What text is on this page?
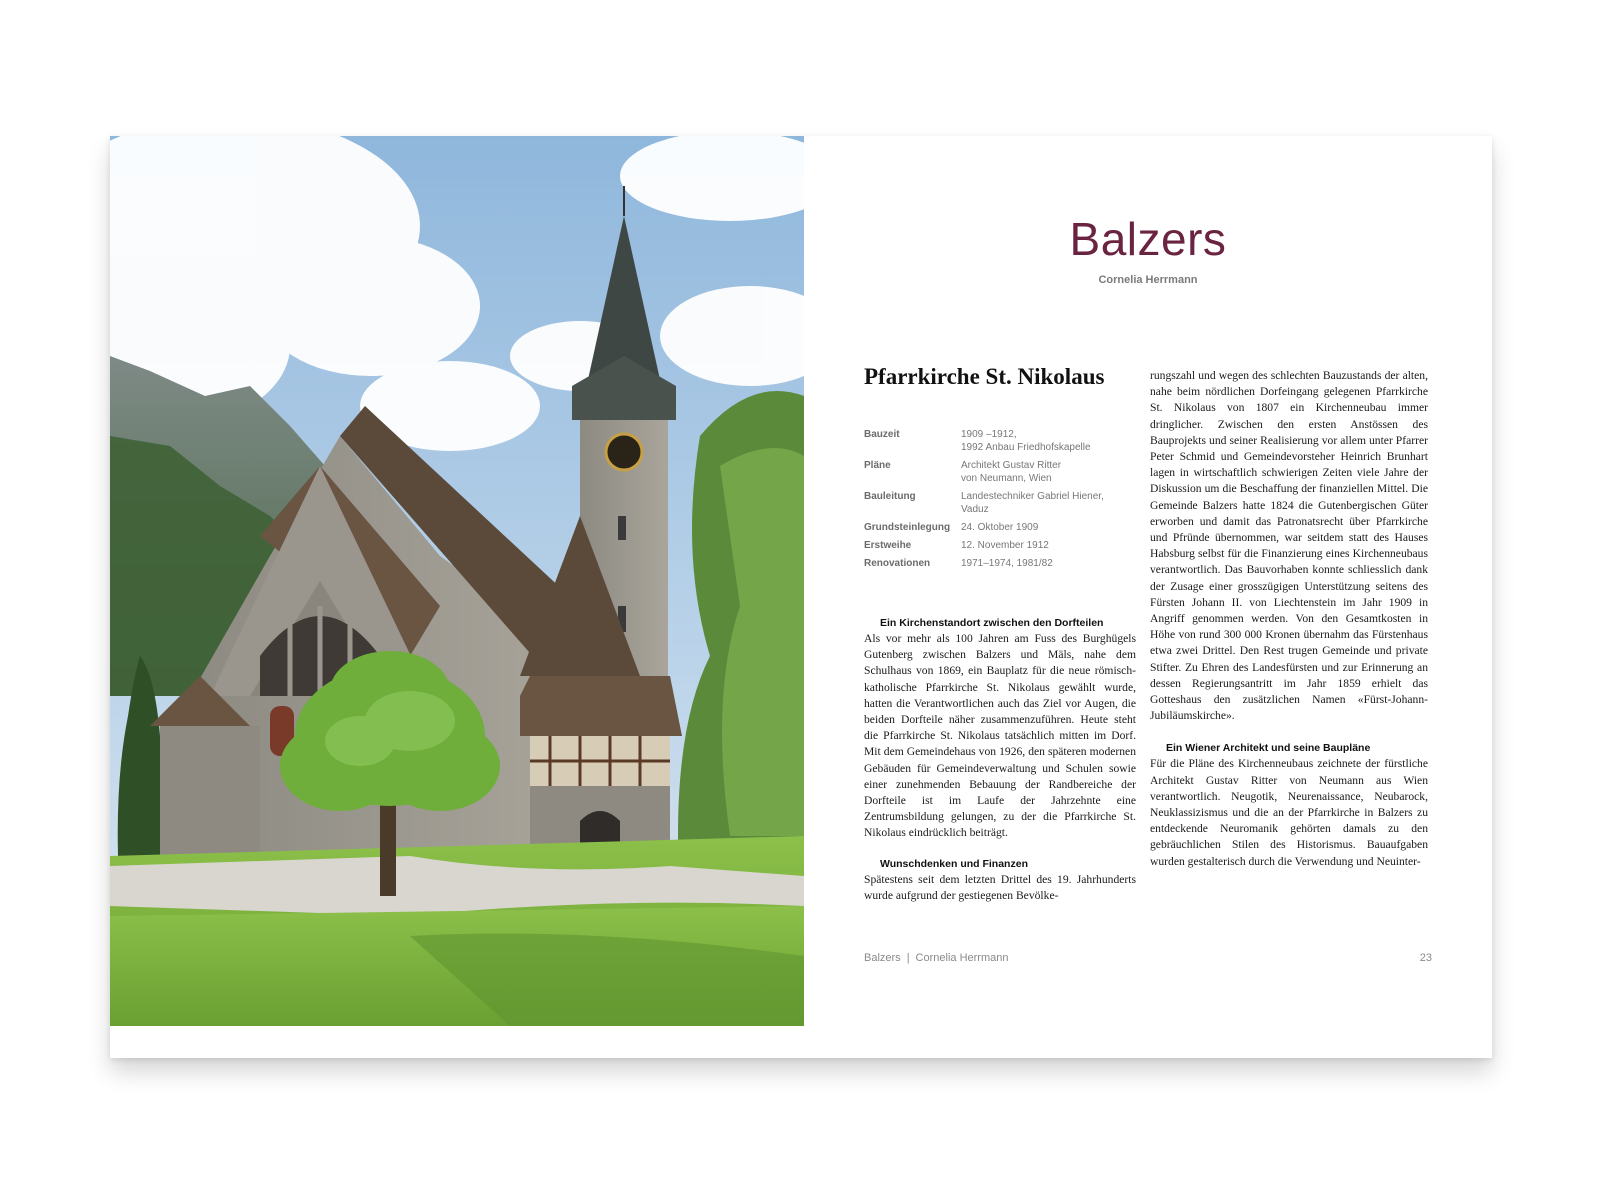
Balzers
Cornelia Herrmann
Pfarrkirche St. Nikolaus
Bauzeit	1909 –1912,
1992 Anbau Friedhofskapelle
Pläne	Architekt Gustav Ritter
von Neumann, Wien
Bauleitung	Landestechniker Gabriel Hiener,
Vaduz
Grundsteinlegung	24. Oktober 1909
Erstweihe	12. November 1912
Renovationen	1971–1974, 1981/82
Ein Kirchenstandort zwischen den Dorfteilen

Als vor mehr als 100 Jahren am Fuss des Burghügels Gutenberg zwischen Balzers und Mäls, nahe dem Schulhaus von 1869, ein Bauplatz für die neue römisch-katholische Pfarrkirche St. Nikolaus gewählt wurde, hatten die Verantwortlichen auch das Ziel vor Augen, die beiden Dorfteile näher zusammenzuführen. Heute steht die Pfarrkirche St. Nikolaus tatsächlich mitten im Dorf. Mit dem Gemeindehaus von 1926, den späteren modernen Gebäuden für Gemeindeverwaltung und Schulen sowie einer zunehmenden Bebauung der Randbereiche der Dorfteile ist im Laufe der Jahrzehnte eine Zentrumsbildung gelungen, zu der die Pfarrkirche St. Nikolaus eindrücklich beiträgt.

Wunschdenken und Finanzen

Spätestens seit dem letzten Drittel des 19. Jahrhunderts wurde aufgrund der gestiegenen Bevölke-

rungszahl und wegen des schlechten Bauzustands der alten, nahe beim nördlichen Dorfeingang gelegenen Pfarrkirche St. Nikolaus von 1807 ein Kirchenneubau immer dringlicher. Zwischen den ersten Anstössen des Bauprojekts und seiner Realisierung vor allem unter Pfarrer Peter Schmid und Gemeindevorsteher Heinrich Brunhart lagen in wirtschaftlich schwierigen Zeiten viele Jahre der Diskussion um die Beschaffung der finanziellen Mittel. Die Gemeinde Balzers hatte 1824 die Gutenbergischen Güter erworben und damit das Patronatsrecht über Pfarrkirche und Pfründe übernommen, war seitdem statt des Hauses Habsburg selbst für die Finanzierung eines Kirchenneubaus verantwortlich. Das Bauvorhaben konnte schliesslich dank der Zusage einer grosszügigen Unterstützung seitens des Fürsten Johann II. von Liechtenstein im Jahr 1909 in Angriff genommen werden. Von den Gesamtkosten in Höhe von rund 300 000 Kronen übernahm das Fürstenhaus etwa zwei Drittel. Den Rest trugen Gemeinde und private Stifter. Zu Ehren des Landesfürsten und zur Erinnerung an dessen Regierungsantritt im Jahr 1859 erhielt das Gotteshaus den zusätzlichen Namen «Fürst-Johann-Jubiläumskirche».

Ein Wiener Architekt und seine Baupläne

Für die Pläne des Kirchenneubaus zeichnete der fürstliche Architekt Gustav Ritter von Neumann aus Wien verantwortlich. Neugotik, Neurenaissance, Neubarock, Neuklassizismus und die an der Pfarrkirche in Balzers zu entdeckende Neuromanik gehörten damals zu den gebräuchlichen Stilen des Historismus. Bauaufgaben wurden gestalterisch durch die Verwendung und Neuinter-

Balzers | Cornelia Herrmann	23
